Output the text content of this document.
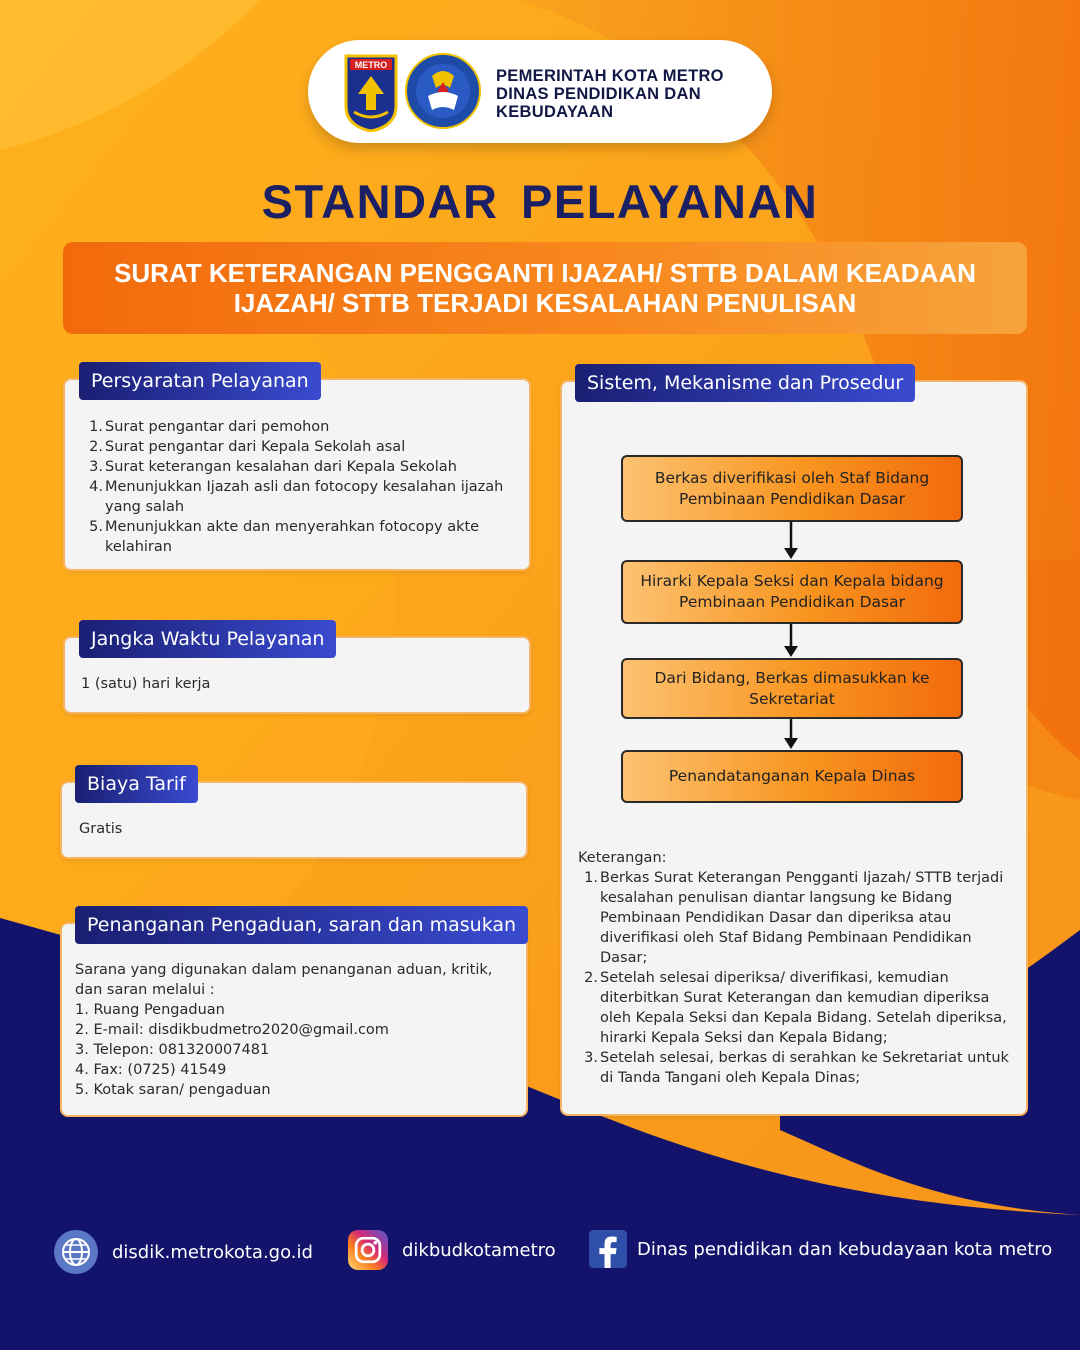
METRO
PEMERINTAH KOTA METRO
DINAS PENDIDIKAN DAN
KEBUDAYAAN
STANDAR PELAYANAN
SURAT KETERANGAN PENGGANTI IJAZAH/ STTB DALAM KEADAAN IJAZAH/ STTB TERJADI KESALAHAN PENULISAN
1. Surat pengantar dari pemohon
2. Surat pengantar dari Kepala Sekolah asal
3. Surat keterangan kesalahan dari Kepala Sekolah
4. Menunjukkan Ijazah asli dan fotocopy kesalahan ijazah yang salah
5. Menunjukkan akte dan menyerahkan fotocopy akte kelahiran
Persyaratan Pelayanan
1 (satu) hari kerja
Jangka Waktu Pelayanan
Gratis
Biaya Tarif
Sarana yang digunakan dalam penanganan aduan, kritik, dan saran melalui :
1. Ruang Pengaduan
2. E-mail: disdikbudmetro2020@gmail.com
3. Telepon: 081320007481
4. Fax: (0725) 41549
5. Kotak saran/ pengaduan
Penanganan Pengaduan, saran dan masukan
Keterangan:
1. Berkas Surat Keterangan Pengganti Ijazah/ STTB terjadi kesalahan penulisan diantar langsung ke Bidang Pembinaan Pendidikan Dasar dan diperiksa atau diverifikasi oleh Staf Bidang Pembinaan Pendidikan Dasar;
2. Setelah selesai diperiksa/ diverifikasi, kemudian diterbitkan Surat Keterangan dan kemudian diperiksa oleh Kepala Seksi dan Kepala Bidang. Setelah diperiksa, hirarki Kepala Seksi dan Kepala Bidang;
3. Setelah selesai, berkas di serahkan ke Sekretariat untuk di Tanda Tangani oleh Kepala Dinas;
Sistem, Mekanisme dan Prosedur
Berkas diverifikasi oleh Staf Bidang Pembinaan Pendidikan Dasar
Hirarki Kepala Seksi dan Kepala bidang Pembinaan Pendidikan Dasar
Dari Bidang, Berkas dimasukkan ke Sekretariat
Penandatanganan Kepala Dinas
disdik.metrokota.go.id	dikbudkotametro	Dinas pendidikan dan kebudayaan kota metro
